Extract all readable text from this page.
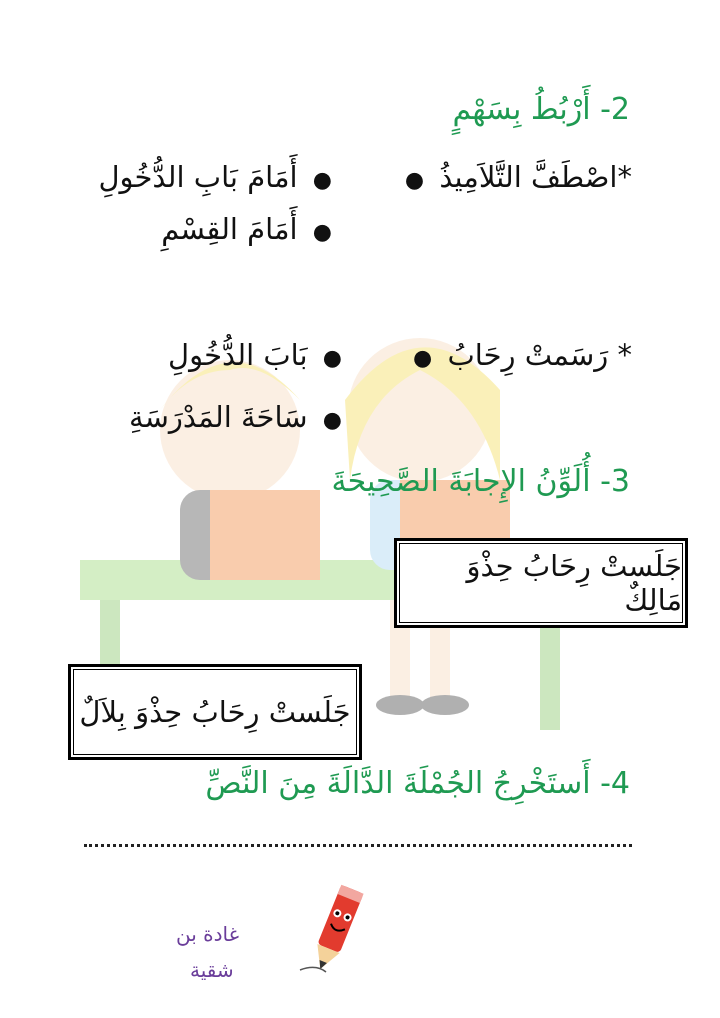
2- أَرْبُطُ بِسَهْمٍ
*اصْطَفَّ التَّلاَمِيذُ ●
● أَمَامَ بَابِ الدُّخُولِ
● أَمَامَ القِسْمِ
* رَسَمتْ رِحَابُ ●
● بَابَ الدُّخُولِ
● سَاحَةَ المَدْرَسَةِ
3- أُلَوِّنُ الإِجابَةَ الصَّحِيحَةَ
جَلَستْ رِحَابُ حِذْوَ مَالِكٌ
جَلَستْ رِحَابُ حِذْوَ بِلاَلٌ
4- أَستَخْرِجُ الجُمْلَةَ الدَّالَةَ مِنَ النَّصِّ
غادة بن
شقية
